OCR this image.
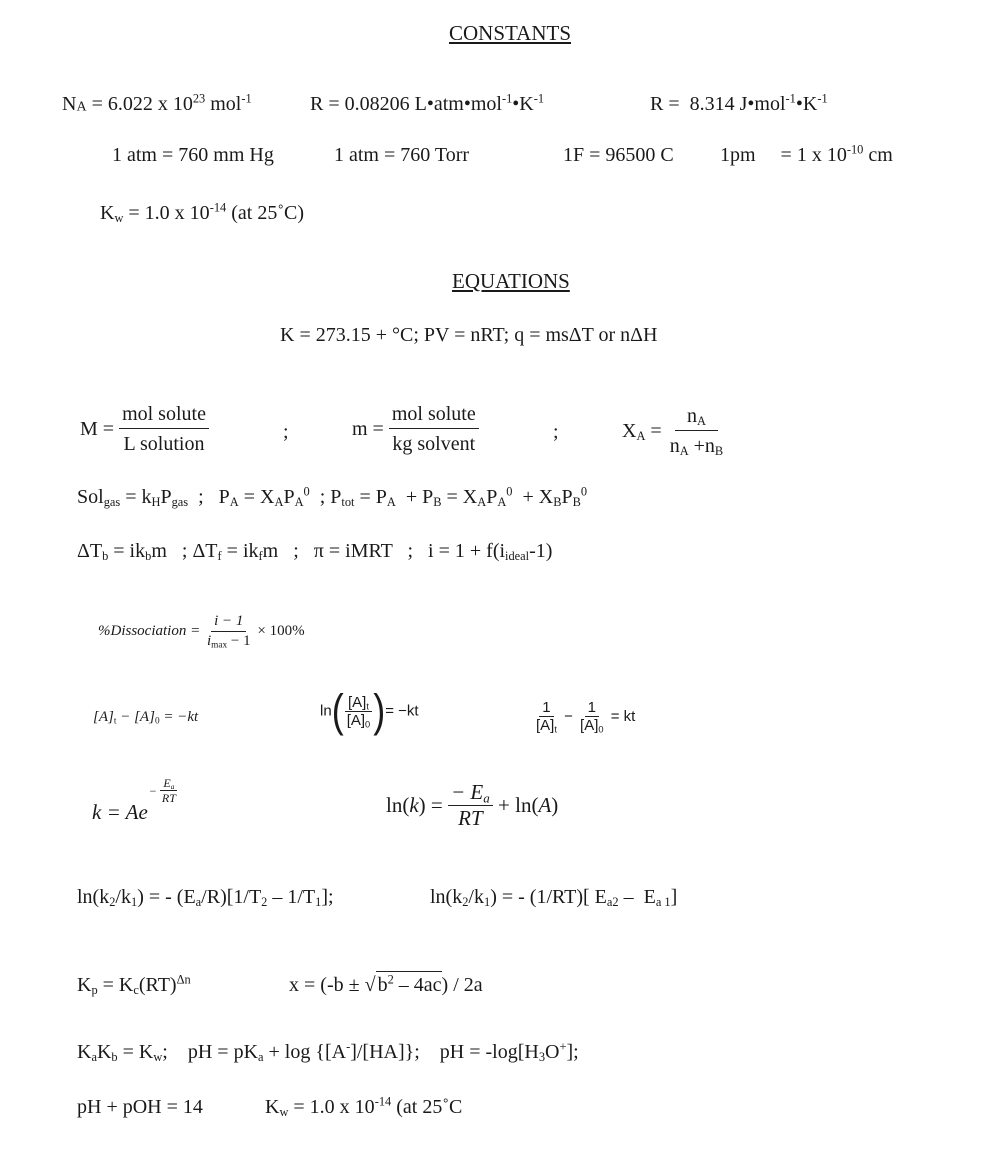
CONSTANTS
$N_A = 6.022$ x $10^{23}$ mol$^{-1}$	R = 0.08206 $L•atm•mol^{-1}•K^{-1}$	R =  8.314 $J•mol^{-1}•K^{-1}$
1 atm = 760 mm Hg	1 atm = 760 Torr	1F = 96500 C 1pm     = 1 x $10^{-10}$ cm
$K_w = 1.0$ x $10^{-14}$ (at 25˚C)
EQUATIONS
K = 273.15 + °C; PV = nRT; q = msΔT or nΔH
$M = \frac{\text{mol solute}}{\text{L solution}}$	;	$m = \frac{\text{mol solute}}{\text{kg solvent}}$	;	$X_A = \frac{n_A}{n_A +n_B}$
$Sol_{gas} = k_HP_{gas}$  ;   $P_A = X_AP_A^0$  ; $P_{tot} = P_A + P_B = X_AP_A^0 + X_BP_B^0$
$\Delta T_b = ik_bm$   ; $\Delta T_f = ik_fm$   ;   π = iMRT   ;   $i = 1 + f(i_{ideal}-1)$
%Dissociation = $\frac{i - 1}{i_{max} - 1} \times 100\%$
$[A]_t - [A]_0 = -kt$	$\ln( \frac{[A]_t}{[A]_0}$ )= −kt	$\frac{1}{[A]_t} - \frac{1}{[A]_0}$ = kt
$k = Ae- \frac{E_a}{RT}$
$\ln(k) = \frac{- E_a}{RT} + \ln(A)$
$\ln(k_2/k_1)$ = - $(E_a/R)[1/T_2 - 1/T_1]$;	$\ln(k_2/k_1)$ = - (1/RT)[ $E_{a2} - E_{a 1}$]
$K_p = K_c(RT)^{\Delta n}$	x = (-b ± √ $b^2 - 4ac) / 2a$
$K_aK_b = K_w$;    pH = $pK_a + \log \{[A^-]/[HA]\}$;    pH = $-\log[H_3O^+]$;
pH + pOH = 14	$K_w = 1.0$ x $10^{-14}$ (at 25˚C
